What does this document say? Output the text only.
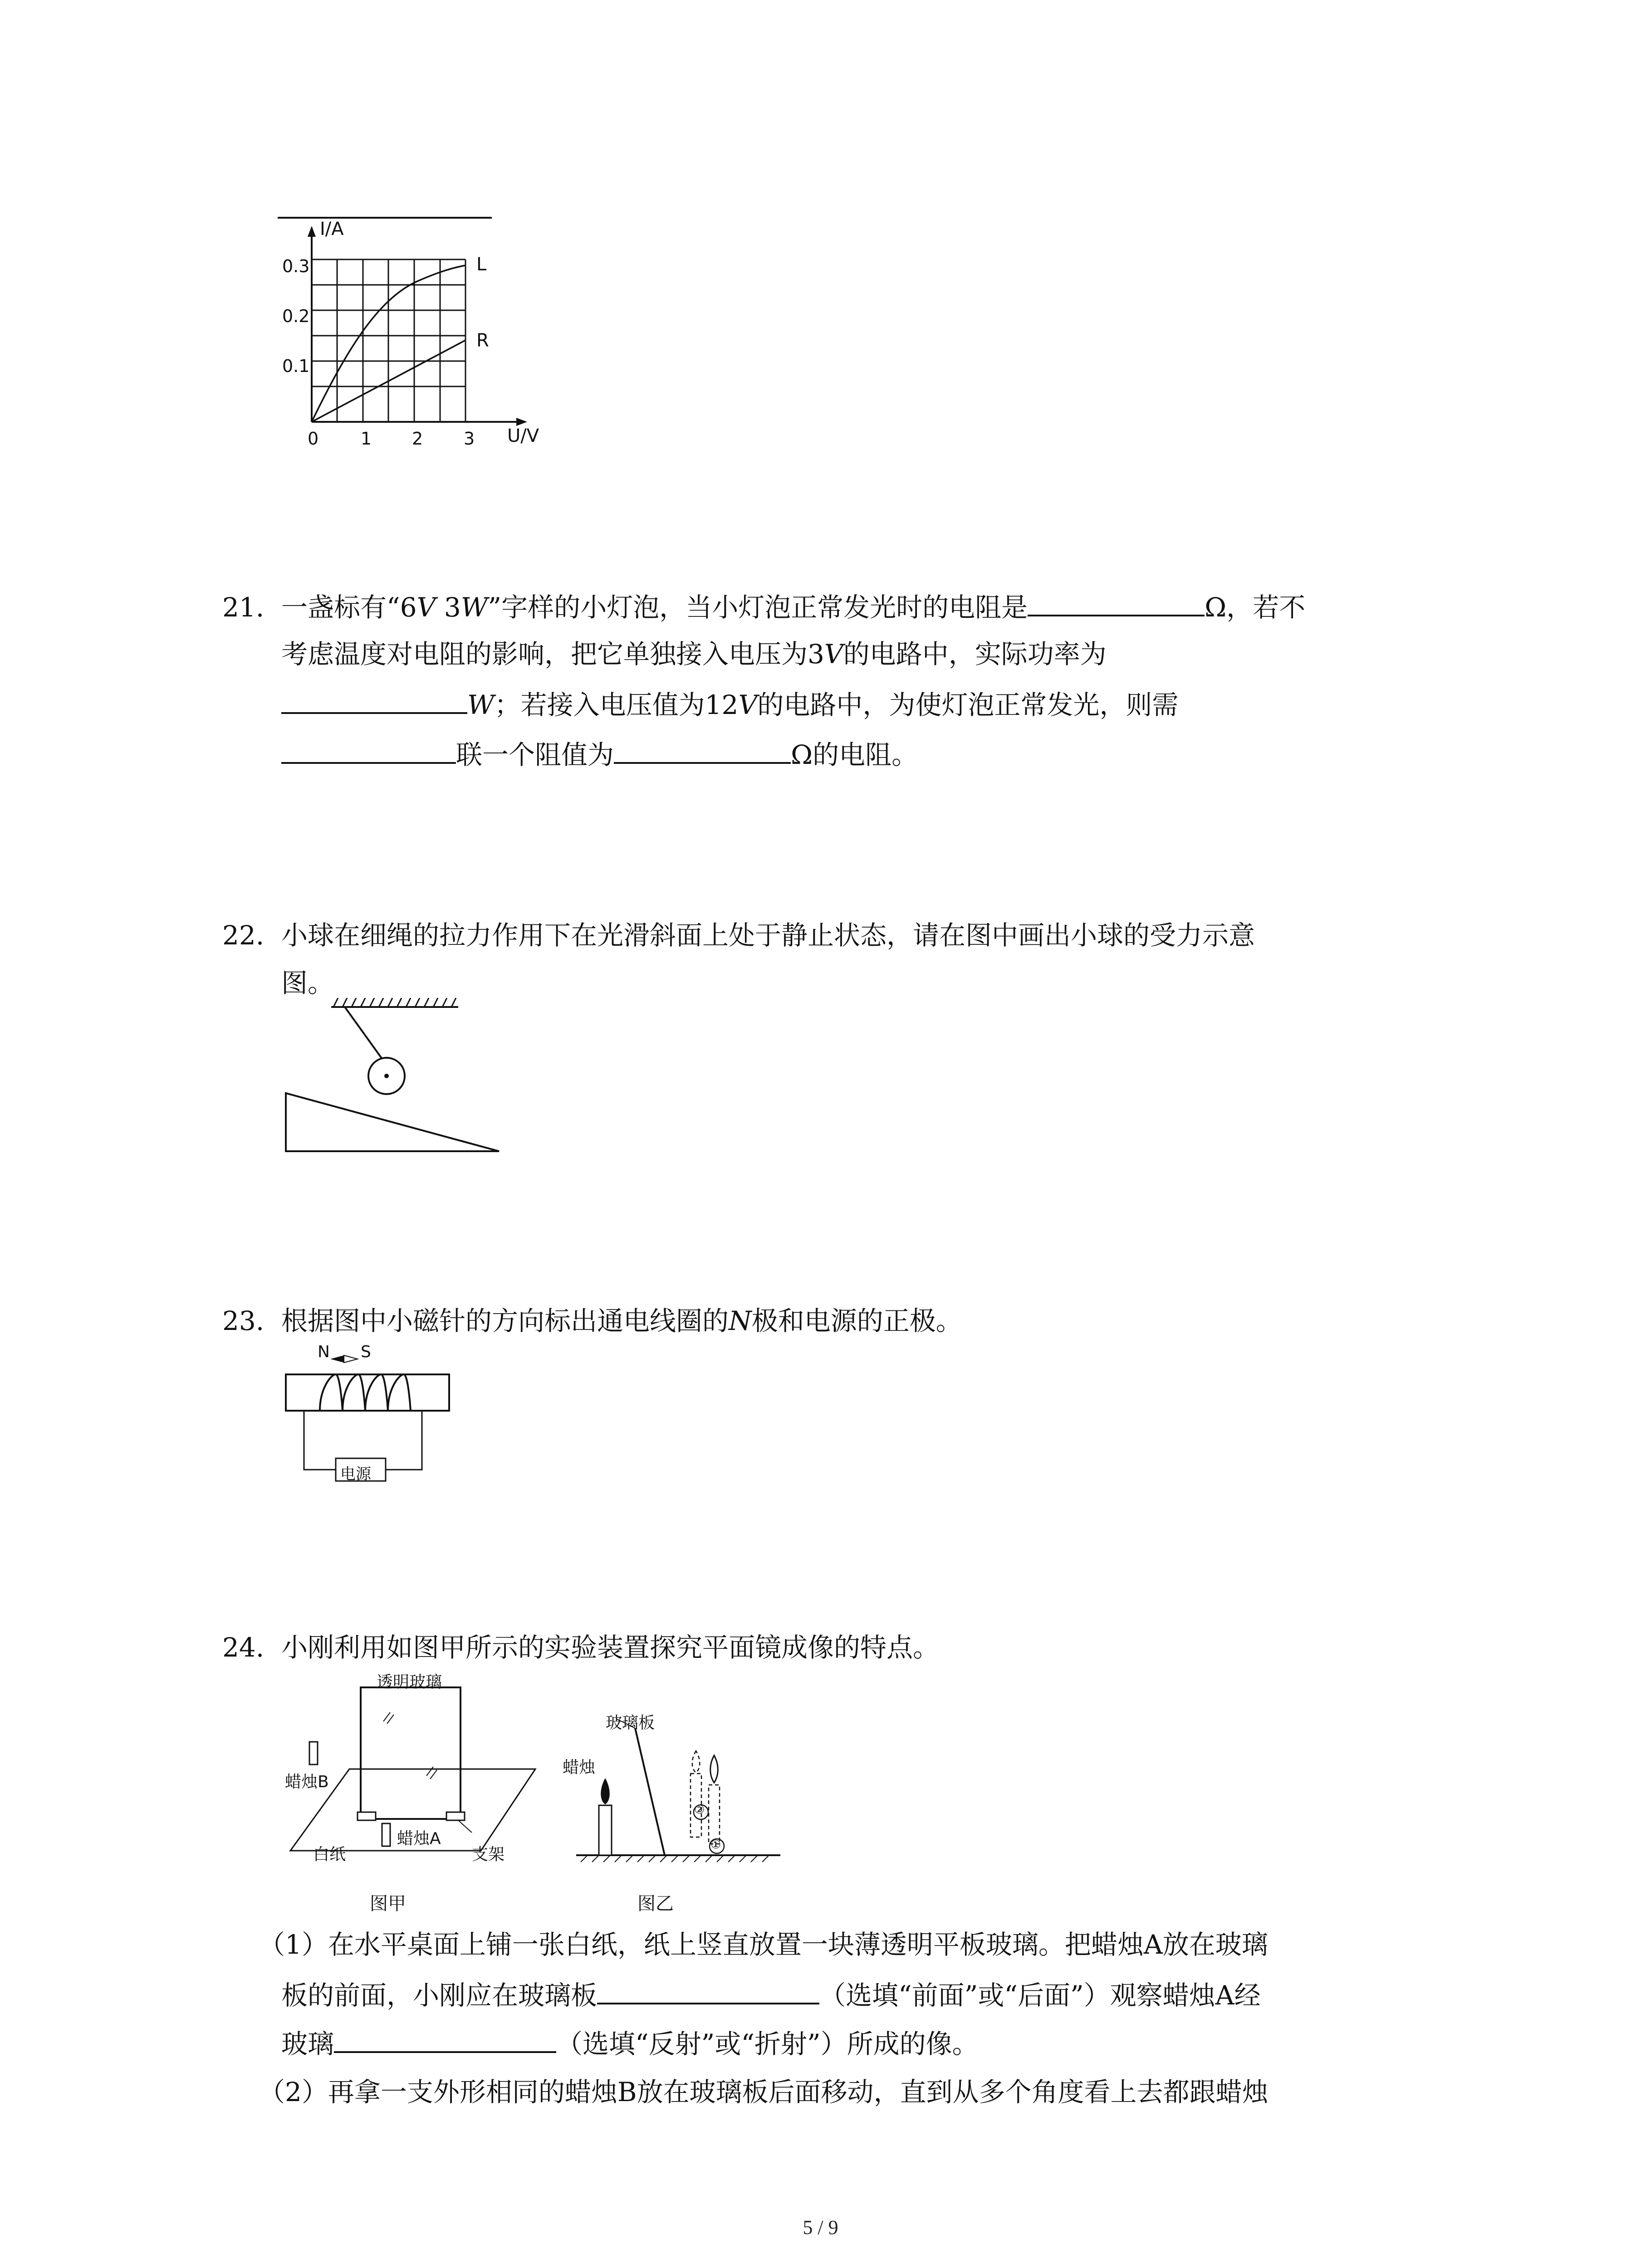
I/A
U/V
0.3
0.2
0.1
0 1 2 3
L
R
21. 一盏标有“6V 3W”字样的小灯泡，当小灯泡正常发光时的电阻是	Ω，若不
考虑温度对电阻的影响，把它单独接入电压为3V的电路中，实际功率为
W；若接入电压值为12V的电路中，为使灯泡正常发光，则需
联一个阻值为	Ω的电阻。
22. 小球在细绳的拉力作用下在光滑斜面上处于静止状态，请在图中画出小球的受力示意
图。
23. 根据图中小磁针的方向标出通电线圈的N极和电源的正极。
N S
电源
24. 小刚利用如图甲所示的实验装置探究平面镜成像的特点。
透明玻璃
蜡烛B
蜡烛A
白纸	支架
图甲
玻璃板
蜡烛
②
①
图乙
（1）在水平桌面上铺一张白纸，纸上竖直放置一块薄透明平板玻璃。把蜡烛A放在玻璃
板的前面，小刚应在玻璃板	（选填“前面”或“后面”）观察蜡烛A经
玻璃	（选填“反射”或“折射”）所成的像。
（2）再拿一支外形相同的蜡烛B放在玻璃板后面移动，直到从多个角度看上去都跟蜡烛
5 / 9
